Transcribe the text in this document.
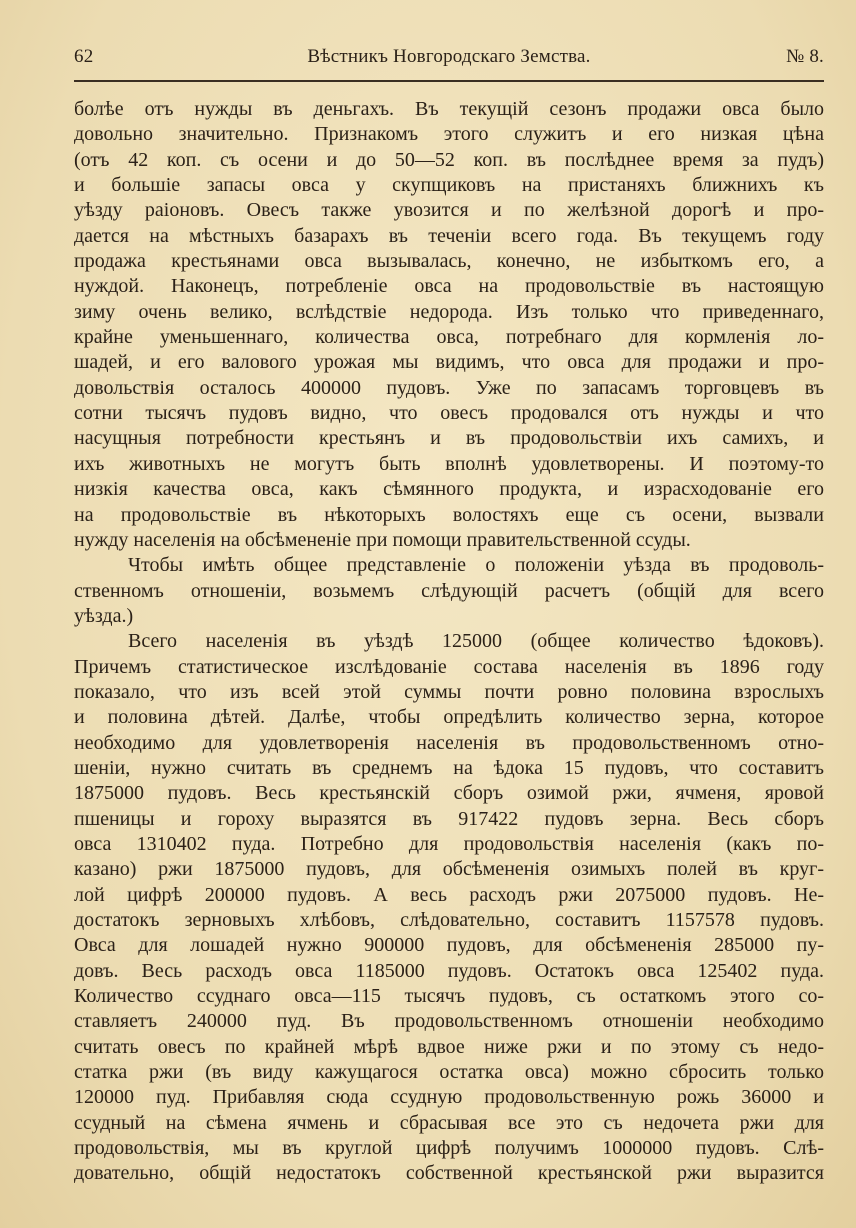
62	Вѣстникъ Новгородскаго Земства.	№ 8.
болѣе отъ нужды въ деньгахъ. Въ текущій сезонъ продажи овса было
довольно значительно. Признакомъ этого служитъ и его низкая цѣна
(отъ 42 коп. съ осени и до 50—52 коп. въ послѣднее время за пудъ)
и большіе запасы овса у скупщиковъ на пристаняхъ ближнихъ къ
уѣзду раіоновъ. Овесъ также увозится и по желѣзной дорогѣ и про-
дается на мѣстныхъ базарахъ въ теченіи всего года. Въ текущемъ году
продажа крестьянами овса вызывалась, конечно, не избыткомъ его, а
нуждой. Наконецъ, потребленіе овса на продовольствіе въ настоящую
зиму очень велико, вслѣдствіе недорода. Изъ только что приведеннаго,
крайне уменьшеннаго, количества овса, потребнаго для кормленія ло-
шадей, и его валового урожая мы видимъ, что овса для продажи и про-
довольствія осталось 400000 пудовъ. Уже по запасамъ торговцевъ въ
сотни тысячъ пудовъ видно, что овесъ продовался отъ нужды и что
насущныя потребности крестьянъ и въ продовольствіи ихъ самихъ, и
ихъ животныхъ не могутъ быть вполнѣ удовлетворены. И поэтому-то
низкія качества овса, какъ сѣмянного продукта, и израсходованіе его
на продовольствіе въ нѣкоторыхъ волостяхъ еще съ осени, вызвали
нужду населенія на обсѣмененіе при помощи правительственной ссуды.
Чтобы имѣть общее представленіе о положеніи уѣзда въ продоволь-
ственномъ отношеніи, возьмемъ слѣдующій расчетъ (общій для всего
уѣзда.)
Всего населенія въ уѣздѣ 125000 (общее количество ѣдоковъ).
Причемъ статистическое изслѣдованіе состава населенія въ 1896 году
показало, что изъ всей этой суммы почти ровно половина взрослыхъ
и половина дѣтей. Далѣе, чтобы опредѣлить количество зерна, которое
необходимо для удовлетворенія населенія въ продовольственномъ отно-
шеніи, нужно считать въ среднемъ на ѣдока 15 пудовъ, что составитъ
1875000 пудовъ. Весь крестьянскій сборъ озимой ржи, ячменя, яровой
пшеницы и гороху выразятся въ 917422 пудовъ зерна. Весь сборъ
овса 1310402 пуда. Потребно для продовольствія населенія (какъ по-
казано) ржи 1875000 пудовъ, для обсѣмененія озимыхъ полей въ круг-
лой цифрѣ 200000 пудовъ. А весь расходъ ржи 2075000 пудовъ. Не-
достатокъ зерновыхъ хлѣбовъ, слѣдовательно, составитъ 1157578 пудовъ.
Овса для лошадей нужно 900000 пудовъ, для обсѣмененія 285000 пу-
довъ. Весь расходъ овса 1185000 пудовъ. Остатокъ овса 125402 пуда.
Количество ссуднаго овса—115 тысячъ пудовъ, съ остаткомъ этого со-
ставляетъ 240000 пуд. Въ продовольственномъ отношеніи необходимо
считать овесъ по крайней мѣрѣ вдвое ниже ржи и по этому съ недо-
статка ржи (въ виду кажущагося остатка овса) можно сбросить только
120000 пуд. Прибавляя сюда ссудную продовольственную рожь 36000 и
ссудный на сѣмена ячмень и сбрасывая все это съ недочета ржи для
продовольствія, мы въ круглой цифрѣ получимъ 1000000 пудовъ. Слѣ-
довательно, общій недостатокъ собственной крестьянской ржи выразится
